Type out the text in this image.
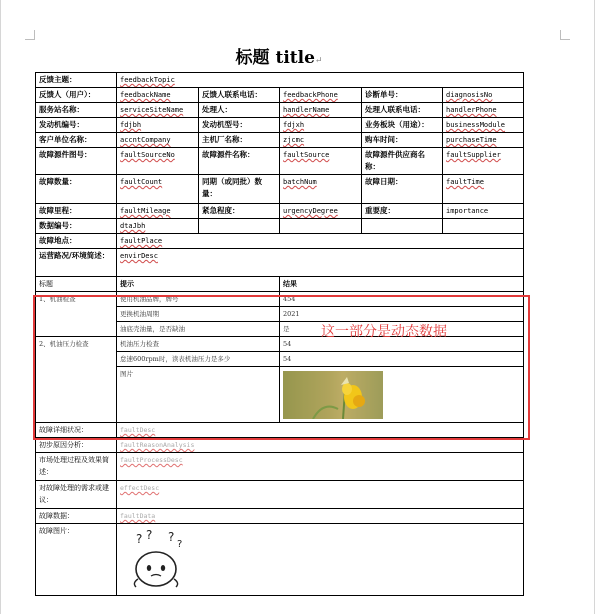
标题 title↵
反馈主题：	feedbackTopic				
反馈人（用户）：	feedbackName	反馈人联系电话：	feedbackPhone	诊断单号：	diagnosisNo
服务站名称：	serviceSiteName	处理人：	handlerName	处理人联系电话：	handlerPhone
发动机编号：	fdjbh	发动机型号：	fdjxh	业务板块（用途）：	businessModule
客户单位名称：	accntCompany	主机厂名称：	zjcmc	购车时间：	purchaseTime
故障源件图号：	faultSourceNo	故障源件名称：	faultSource	故障源件供应商名称：	faultSupplier
故障数量：	faultCount	同期（或同批）数量：	batchNum	故障日期：	faultTime
故障里程：	faultMileage	紧急程度：	urgencyDegree	重要度：	importance
数据编号：	dtaJbh				
故障地点：	faultPlace				
运营路况/环境简述：	envirDesc				
标题	提示		结果		
1、机油检查	使用机油品牌，牌号		454		
	更换机油周期		2021		
	油底壳油量，是否缺油		是		
2、机油压力检查	机油压力检查		54		
	怠速600rpm时，读表机油压力是多少		54		
	图片	

故障详细状况：	faultDesc				
初步原因分析：	faultReasonAnalysis				
市场处理过程及效果简述：	faultProcessDesc				
对故障处理的需求或建议：	effectDesc				
故障数据：	faultData				
故障图片：	? ? ?
?				
这一部分是动态数据
